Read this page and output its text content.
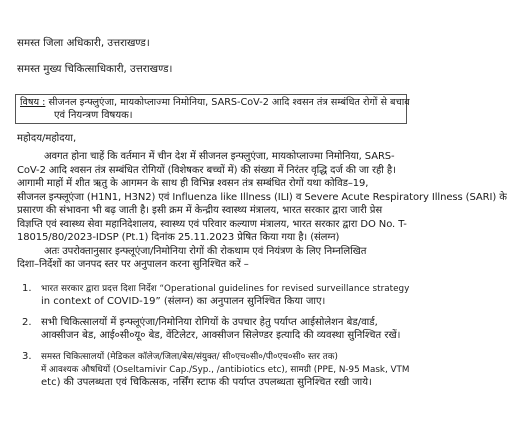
समस्त जिला अधिकारी, उत्तराखण्ड।
समस्त मुख्य चिकित्साधिकारी, उत्तराखण्ड।
विषय : सीजनल इन्फ्लुएंजा, मायकोप्लाज्मा निमोनिया, SARS-CoV-2 आदि श्वसन तंत्र सम्बंधित रोगों से बचाव
एवं नियन्त्रण विषयक।
महोदय/महोदया,
अवगत होना चाहें कि वर्तमान में चीन देश में सीजनल इन्फ्लुएंजा, मायकोप्लाज्मा निमोनिया, SARS-
CoV-2 आदि श्वसन तंत्र सम्बंधित रोगियों (विशेषकर बच्चों में) की संख्या में निरंतर वृद्धि दर्ज की जा रही है।
आगामी माहों में शीत ऋतु के आगमन के साथ ही विभिन्न श्वसन तंत्र सम्बंधित रोगों यथा कोविड–19,
सीजनल इन्फ्लूएंजा (H1N1, H3N2) एवं Influenza like Illness (ILI) व Severe Acute Respiratory Illness (SARI) के
प्रसारण की संभावना भी बढ़ जाती है। इसी क्रम में केन्द्रीय स्वास्थ्य मंत्रालय, भारत सरकार द्वारा जारी प्रेस
विज्ञप्ति एवं स्वास्थ्य सेवा महानिदेशालय, स्वास्थ्य एवं परिवार कल्याण मंत्रालय, भारत सरकार द्वारा DO No. T-
18015/80/2023-IDSP (Pt.1) दिनांक 25.11.2023 प्रेषित किया गया है। (संलग्न)
अतः उपरोक्तानुसार इन्फ्लूएंजा/निमोनिया रोगों की रोकथाम एवं नियंत्रण के लिए निम्नलिखित
दिशा–निर्देशों का जनपद स्तर पर अनुपालन करना सुनिश्चित करें –
1.	भारत सरकार द्वारा प्रदत्त दिशा निर्देश “Operational guidelines for revised surveillance strategy
in context of COVID-19” (संलग्न) का अनुपालन सुनिश्चित किया जाए।
2. सभी चिकित्सालयों में इन्फ्लूएंजा/निमोनिया रोगियों के उपचार हेतु पर्याप्त आईसोलेशन बेड/वार्ड,
आक्सीजन बेड, आई०सी०यू० बेड, वेंटिलेटर, आक्सीजन सिलेण्डर इत्यादि की व्यवस्था सुनिश्चित रखें।
3.	समस्त चिकित्सालयों (मेडिकल कॉलेज/जिला/बेस/संयुक्त/ सी०एच०सी०/पी०एच०सी० स्तर तक)
में आवश्यक औषधियों (Oseltamivir Cap./Syp., /antibiotics etc), सामग्री (PPE, N-95 Mask, VTM
etc) की उपलब्धता एवं चिकित्सक, नर्सिंग स्टाफ की पर्याप्त उपलब्धता सुनिश्चित रखी जाये।
